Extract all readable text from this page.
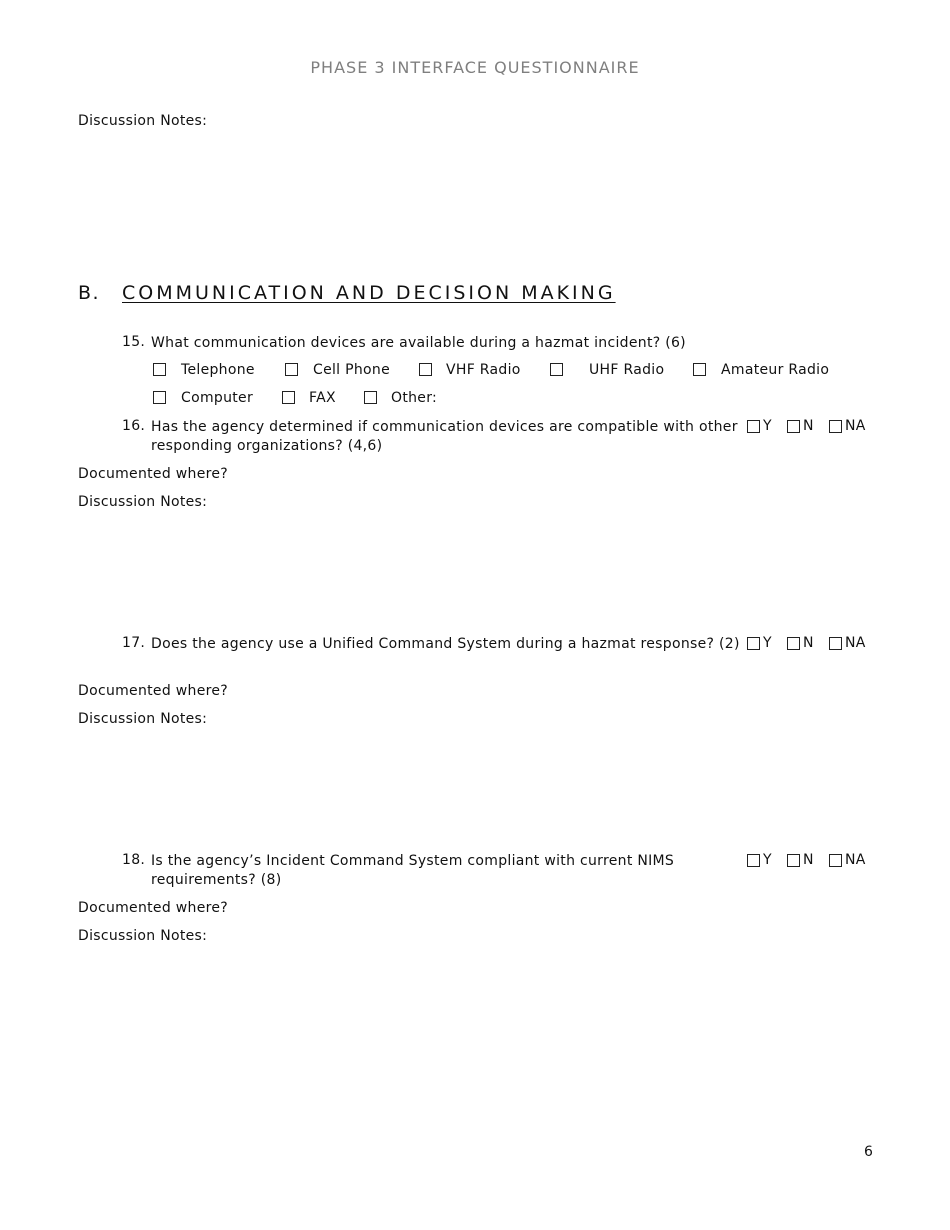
PHASE 3 INTERFACE QUESTIONNAIRE
Discussion Notes:
B. COMMUNICATION AND DECISION MAKING
15. What communication devices are available during a hazmat incident? (6)
Telephone	Cell Phone	VHF Radio	UHF Radio	Amateur Radio
Computer	FAX	Other:
16. Has the agency determined if communication devices are compatible with other responding organizations? (4,6)
Y N NA
Documented where?
Discussion Notes:
17. Does the agency use a Unified Command System during a hazmat response? (2) Y N NA
Documented where?
Discussion Notes:
18. Is the agency’s Incident Command System compliant with current NIMS requirements? (8)
Y N NA
Documented where?
Discussion Notes:
6
